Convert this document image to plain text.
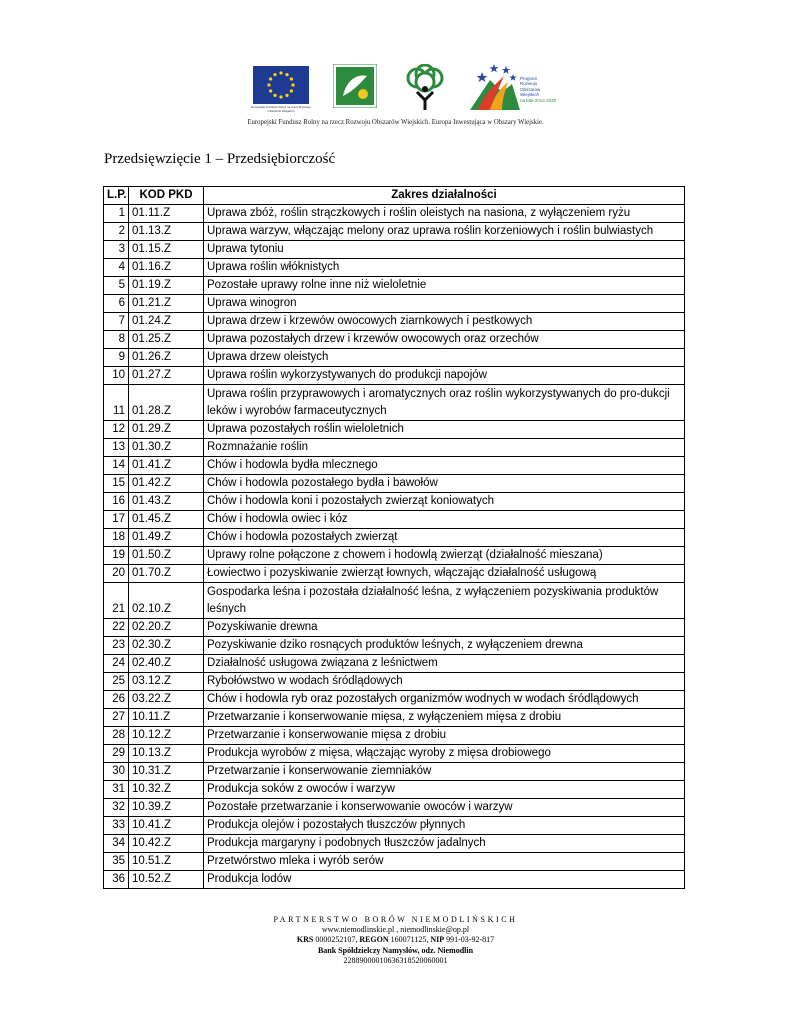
Europejski Fundusz Rolny na rzecz Rozwoju Obszarów Wiejskich
Program
Rozwoju
Obszarów
Wiejskich
na lata 2014-2020
Europejski Fundusz Rolny na rzecz Rozwoju Obszarów Wiejskich. Europa Inwestująca w Obszary Wiejskie.
Przedsięwzięcie 1 – Przedsiębiorczość
L.P.	KOD PKD	Zakres działalności
1	01.11.Z	Uprawa zbóż, roślin strączkowych i roślin oleistych na nasiona, z wyłączeniem ryżu
2	01.13.Z	Uprawa warzyw, włączając melony oraz uprawa roślin korzeniowych i roślin bulwiastych
3	01.15.Z	Uprawa tytoniu
4	01.16.Z	Uprawa roślin włóknistych
5	01.19.Z	Pozostałe uprawy rolne inne niż wieloletnie
6	01.21.Z	Uprawa winogron
7	01.24.Z	Uprawa drzew i krzewów owocowych ziarnkowych i pestkowych
8	01.25.Z	Uprawa pozostałych drzew i krzewów owocowych oraz orzechów
9	01.26.Z	Uprawa drzew oleistych
10	01.27.Z	Uprawa roślin wykorzystywanych do produkcji napojów
11	01.28.Z	Uprawa roślin przyprawowych i aromatycznych oraz roślin wykorzystywanych do pro-dukcji leków i wyrobów farmaceutycznych
12	01.29.Z	Uprawa pozostałych roślin wieloletnich
13	01.30.Z	Rozmnażanie roślin
14	01.41.Z	Chów i hodowla bydła mlecznego
15	01.42.Z	Chów i hodowla pozostałego bydła i bawołów
16	01.43.Z	Chów i hodowla koni i pozostałych zwierząt koniowatych
17	01.45.Z	Chów i hodowla owiec i kóz
18	01.49.Z	Chów i hodowla pozostałych zwierząt
19	01.50.Z	Uprawy rolne połączone z chowem i hodowlą zwierząt (działalność mieszana)
20	01.70.Z	Łowiectwo i pozyskiwanie zwierząt łownych, włączając działalność usługową
21	02.10.Z	Gospodarka leśna i pozostała działalność leśna, z wyłączeniem pozyskiwania produktów leśnych
22	02.20.Z	Pozyskiwanie drewna
23	02.30.Z	Pozyskiwanie dziko rosnących produktów leśnych, z wyłączeniem drewna
24	02.40.Z	Działalność usługowa związana z leśnictwem
25	03.12.Z	Rybołówstwo w wodach śródlądowych
26	03.22.Z	Chów i hodowla ryb oraz pozostałych organizmów wodnych w wodach śródlądowych
27	10.11.Z	Przetwarzanie i konserwowanie mięsa, z wyłączeniem mięsa z drobiu
28	10.12.Z	Przetwarzanie i konserwowanie mięsa z drobiu
29	10.13.Z	Produkcja wyrobów z mięsa, włączając wyroby z mięsa drobiowego
30	10.31.Z	Przetwarzanie i konserwowanie ziemniaków
31	10.32.Z	Produkcja soków z owoców i warzyw
32	10.39.Z	Pozostałe przetwarzanie i konserwowanie owoców i warzyw
33	10.41.Z	Produkcja olejów i pozostałych tłuszczów płynnych
34	10.42.Z	Produkcja margaryny i podobnych tłuszczów jadalnych
35	10.51.Z	Przetwórstwo mleka i wyrób serów
36	10.52.Z	Produkcja lodów
PARTNERSTWO BORÓW NIEMODLIŃSKICH
www.niemodlinskie.pl , niemodlinskie@op.pl
KRS 0000252107, REGON 160071125, NIP 991-03-92-817
Bank Spółdzielczy Namysłów, odz. Niemodlin
22889000010636318520060001
